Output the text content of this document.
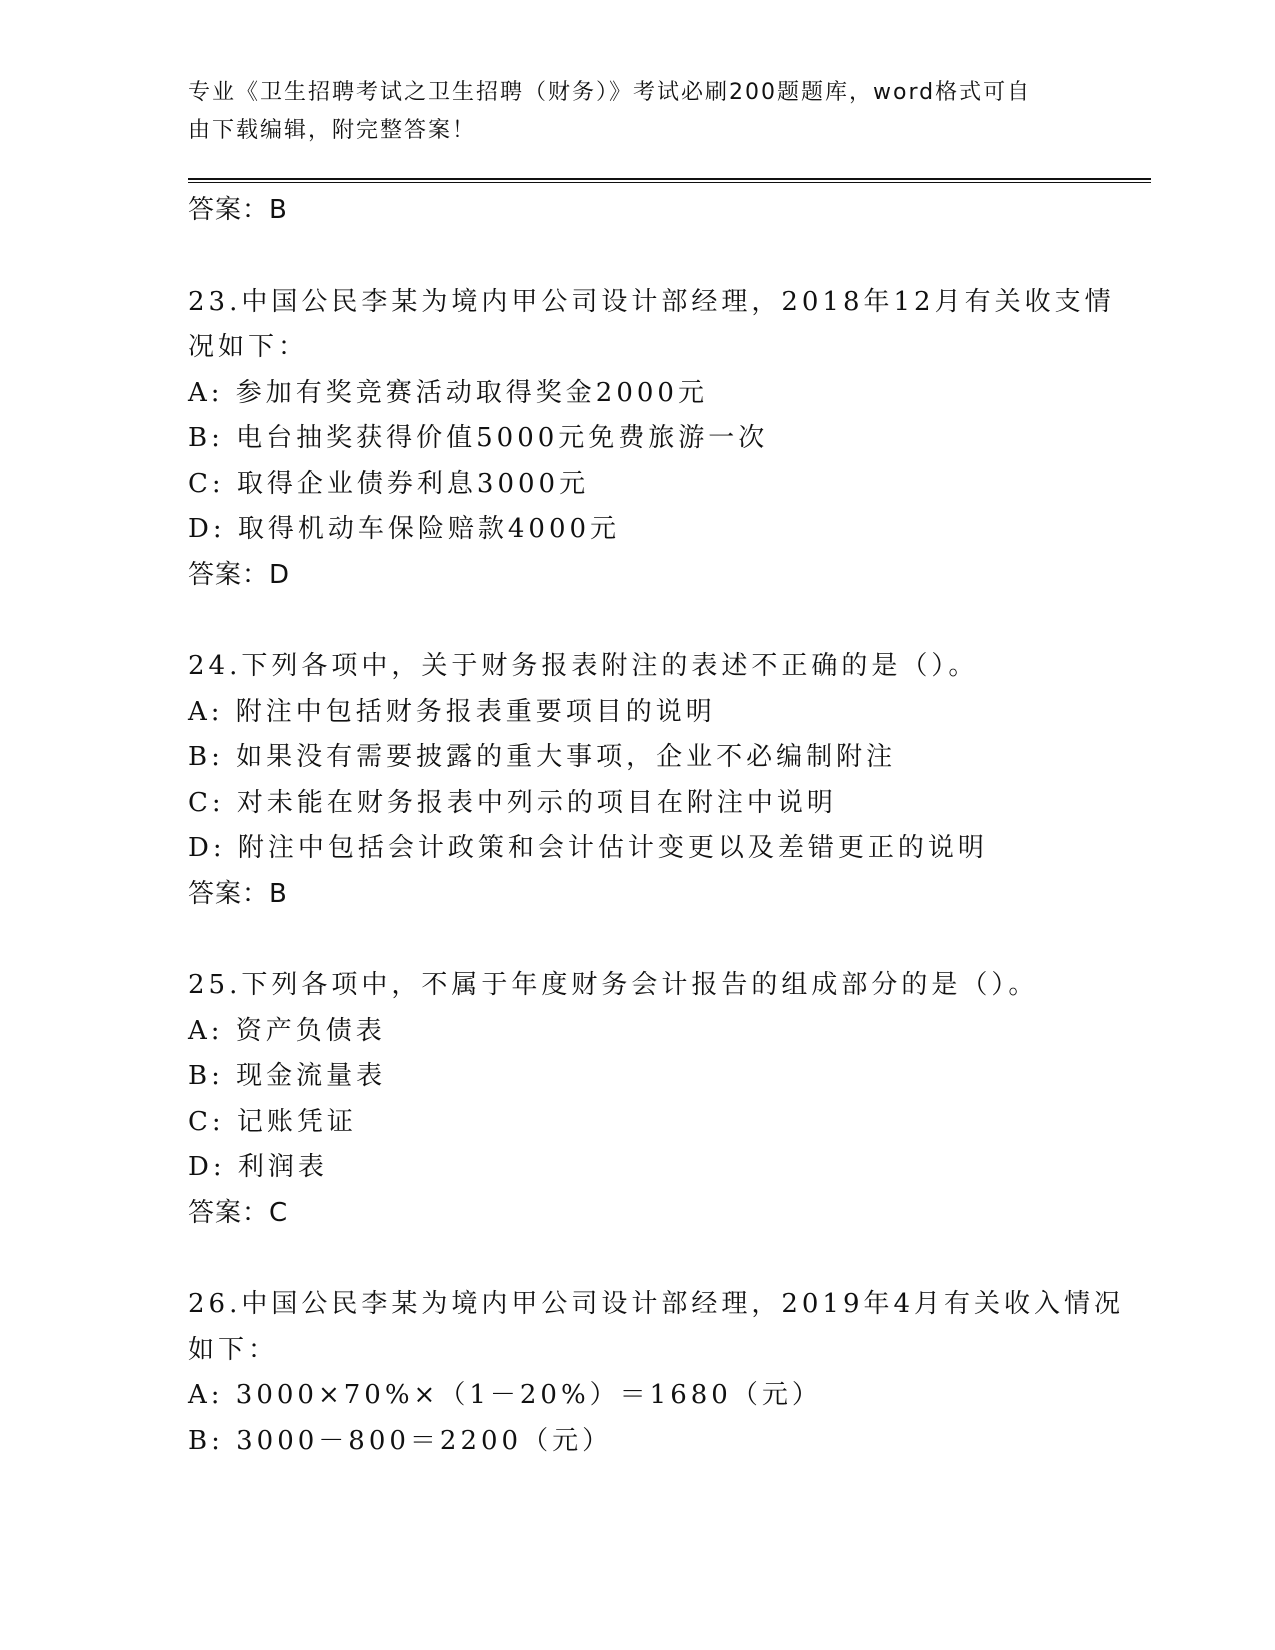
专业《卫生招聘考试之卫生招聘（财务）》考试必刷200题题库，word格式可自
由下载编辑，附完整答案！
答案：B
23.中国公民李某为境内甲公司设计部经理，2018年12月有关收支情
况如下：
A: 参加有奖竞赛活动取得奖金2000元
B: 电台抽奖获得价值5000元免费旅游一次
C: 取得企业债券利息3000元
D: 取得机动车保险赔款4000元
答案：D
24.下列各项中，关于财务报表附注的表述不正确的是（）。
A: 附注中包括财务报表重要项目的说明
B: 如果没有需要披露的重大事项，企业不必编制附注
C: 对未能在财务报表中列示的项目在附注中说明
D: 附注中包括会计政策和会计估计变更以及差错更正的说明
答案：B
25.下列各项中，不属于年度财务会计报告的组成部分的是（）。
A: 资产负债表
B: 现金流量表
C: 记账凭证
D: 利润表
答案：C
26.中国公民李某为境内甲公司设计部经理，2019年4月有关收入情况
如下：
A: 3000×70%×（1－20%）＝1680（元）
B: 3000－800＝2200（元）
